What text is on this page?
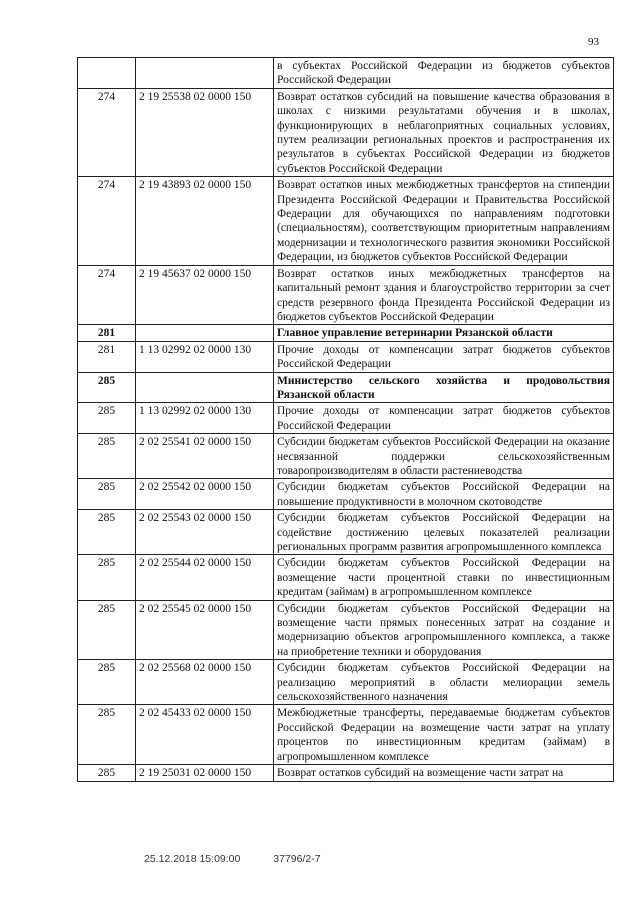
93
		в субъектах Российской Федерации из бюджетов субъектов Российской Федерации
274	2 19 25538 02 0000 150	Возврат остатков субсидий на повышение качества образования в школах с низкими результатами обучения и в школах, функционирующих в неблагоприятных социальных условиях, путем реализации региональных проектов и распространения их результатов в субъектах Российской Федерации из бюджетов субъектов Российской Федерации
274	2 19 43893 02 0000 150	Возврат остатков иных межбюджетных трансфертов на стипендии Президента Российской Федерации и Правительства Российской Федерации для обучающихся по направлениям подготовки (специальностям), соответствующим приоритетным направлениям модернизации и технологического развития экономики Российской Федерации, из бюджетов субъектов Российской Федерации
274	2 19 45637 02 0000 150	Возврат остатков иных межбюджетных трансфертов на капитальный ремонт здания и благоустройство территории за счет средств резервного фонда Президента Российской Федерации из бюджетов субъектов Российской Федерации
281		Главное управление ветеринарии Рязанской области
281	1 13 02992 02 0000 130	Прочие доходы от компенсации затрат бюджетов субъектов Российской Федерации
285		Министерство сельского хозяйства и продовольствия Рязанской области
285	1 13 02992 02 0000 130	Прочие доходы от компенсации затрат бюджетов субъектов Российской Федерации
285	2 02 25541 02 0000 150	Субсидии бюджетам субъектов Российской Федерации на оказание несвязанной поддержки сельскохозяйственным товаропроизводителям в области растениеводства
285	2 02 25542 02 0000 150	Субсидии бюджетам субъектов Российской Федерации на повышение продуктивности в молочном скотоводстве
285	2 02 25543 02 0000 150	Субсидии бюджетам субъектов Российской Федерации на содействие достижению целевых показателей реализации региональных программ развития агропромышленного комплекса
285	2 02 25544 02 0000 150	Субсидии бюджетам субъектов Российской Федерации на возмещение части процентной ставки по инвестиционным кредитам (займам) в агропромышленном комплексе
285	2 02 25545 02 0000 150	Субсидии бюджетам субъектов Российской Федерации на возмещение части прямых понесенных затрат на создание и модернизацию объектов агропромышленного комплекса, а также на приобретение техники и оборудования
285	2 02 25568 02 0000 150	Субсидии бюджетам субъектов Российской Федерации на реализацию мероприятий в области мелиорации земель сельскохозяйственного назначения
285	2 02 45433 02 0000 150	Межбюджетные трансферты, передаваемые бюджетам субъектов Российской Федерации на возмещение части затрат на уплату процентов по инвестиционным кредитам (займам) в агропромышленном комплексе
285	2 19 25031 02 0000 150	Возврат остатков субсидий на возмещение части затрат на
25.12.2018 15:09:00	37796/2-7
